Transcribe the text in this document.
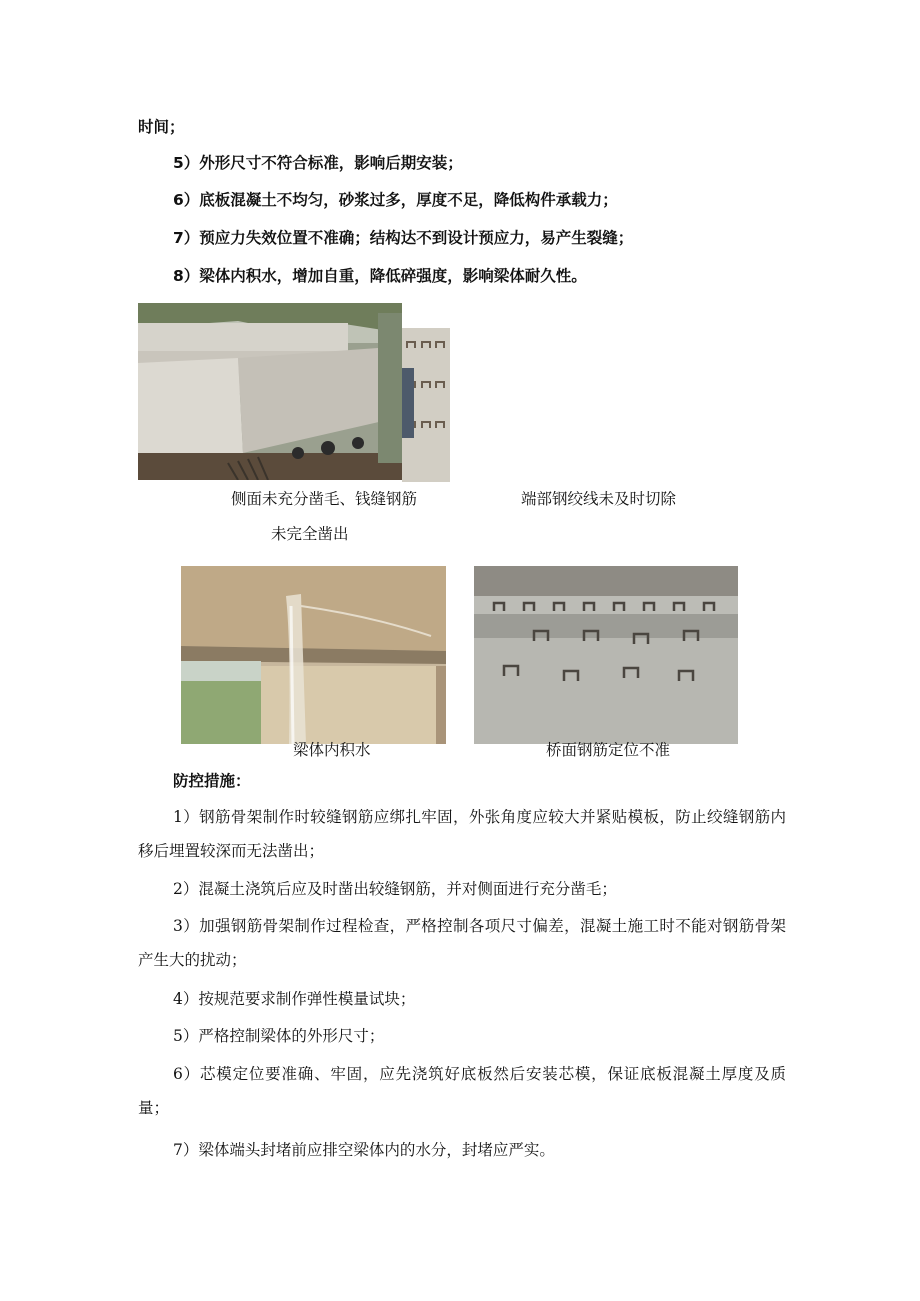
时间；
5）外形尺寸不符合标准，影响后期安装；
6）底板混凝土不均匀，砂浆过多，厚度不足，降低构件承载力；
7）预应力失效位置不准确；结构达不到设计预应力，易产生裂缝；
8）梁体内积水，增加自重，降低碎强度，影响梁体耐久性。
侧面未充分凿毛、钱缝钢筋
未完全凿出
端部钢绞线未及时切除
梁体内积水	桥面钢筋定位不准
防控措施：
1）钢筋骨架制作时较缝钢筋应绑扎牢固，外张角度应较大并紧贴模板，防止绞缝钢筋内移后埋置较深而无法凿出；
2）混凝土浇筑后应及时凿出较缝钢筋，并对侧面进行充分凿毛；
3）加强钢筋骨架制作过程检查，严格控制各项尺寸偏差，混凝土施工时不能对钢筋骨架产生大的扰动；
4）按规范要求制作弹性模量试块；
5）严格控制梁体的外形尺寸；
6）芯模定位要准确、牢固，应先浇筑好底板然后安装芯模，保证底板混凝土厚度及质量；
7）梁体端头封堵前应排空梁体内的水分，封堵应严实。
